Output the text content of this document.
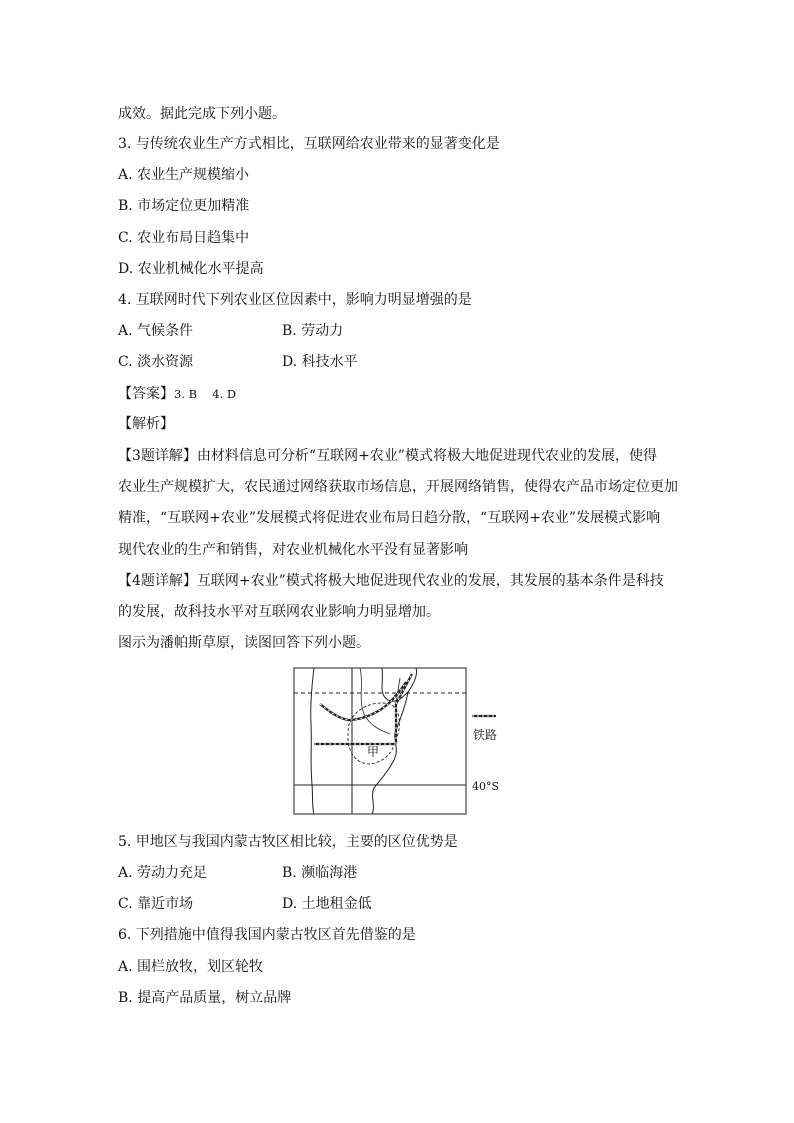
成效。据此完成下列小题。
3. 与传统农业生产方式相比，互联网给农业带来的显著变化是
A. 农业生产规模缩小
B. 市场定位更加精准
C. 农业布局日趋集中
D. 农业机械化水平提高
4. 互联网时代下列农业区位因素中，影响力明显增强的是
A. 气候条件	B. 劳动力
C. 淡水资源	D. 科技水平
【答案】3. B　 4. D
【解析】
【3题详解】由材料信息可分析“互联网+农业”模式将极大地促进现代农业的发展，使得
农业生产规模扩大，农民通过网络获取市场信息，开展网络销售，使得农产品市场定位更加
精准，“互联网+农业”发展模式将促进农业布局日趋分散，“互联网+农业”发展模式影响
现代农业的生产和销售，对农业机械化水平没有显著影响
【4题详解】互联网+农业”模式将极大地促进现代农业的发展，其发展的基本条件是科技
的发展，故科技水平对互联网农业影响力明显增加。
图示为潘帕斯草原，读图回答下列小题。
甲
铁路
40°S
5. 甲地区与我国内蒙古牧区相比较，主要的区位优势是
A. 劳动力充足	B. 濒临海港
C. 靠近市场	D. 土地租金低
6. 下列措施中值得我国内蒙古牧区首先借鉴的是
A. 围栏放牧，划区轮牧
B. 提高产品质量，树立品牌
